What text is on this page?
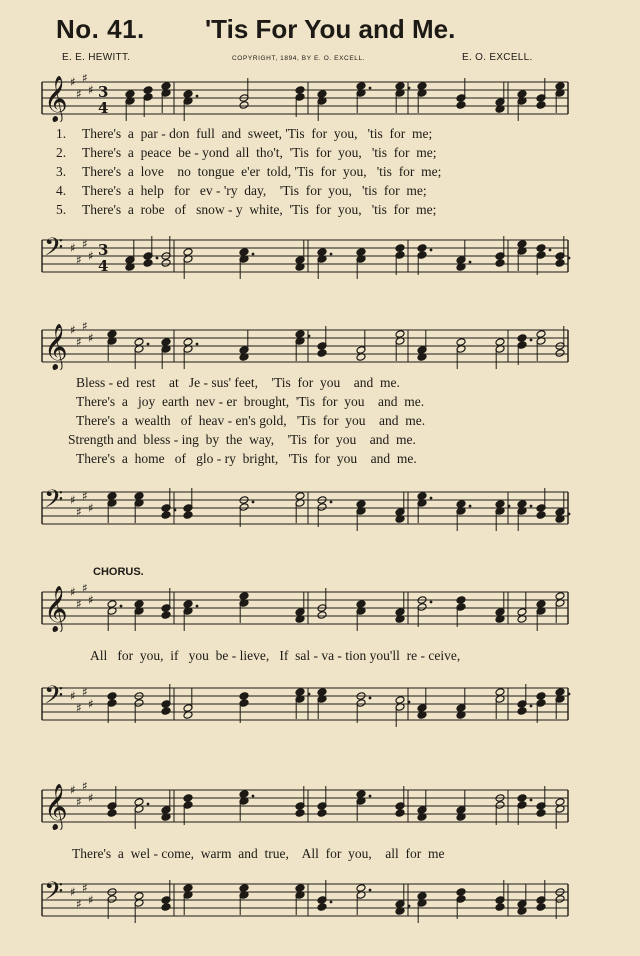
No. 41. 'Tis For You and Me.
E. E. HEWITT.	COPYRIGHT, 1894, BY E. O. EXCELL.	E. O. EXCELL.
𝄞 ♯
♯
♯
♯ 3
4
1. There's  a  par - don  full  and  sweet, 'Tis  for  you,   'tis  for  me;
2. There's  a  peace  be - yond  all  tho't,  'Tis  for  you,   'tis  for  me;
3. There's  a  love    no  tongue  e'er  told, 'Tis  for  you,   'tis  for  me;
4. There's  a  help   for   ev - 'ry  day,    'Tis  for  you,   'tis  for  me;
5. There's  a  robe   of   snow - y  white,  'Tis  for  you,   'tis  for  me;
𝄢 ♯
♯
♯
♯ 3
4
𝄞 ♯
♯
♯
♯
Bless - ed  rest    at   Je - sus' feet,    'Tis  for  you    and  me.
There's  a   joy  earth  nev - er  brought,  'Tis  for  you    and  me.
There's  a  wealth   of  heav - en's gold,   'Tis  for  you    and  me.
Strength and  bless - ing  by  the  way,    'Tis  for  you    and  me.
There's  a  home   of   glo - ry  bright,   'Tis  for  you    and  me.
𝄢 ♯
♯
♯
♯
CHORUS.
𝄞 ♯
♯
♯
♯
All   for  you,  if   you  be - lieve,   If  sal - va - tion you'll  re - ceive,
𝄢 ♯
♯
♯
♯
𝄞 ♯
♯
♯
♯
There's  a  wel - come,  warm  and  true,    All  for  you,    all  for  me
𝄢 ♯
♯
♯
♯
